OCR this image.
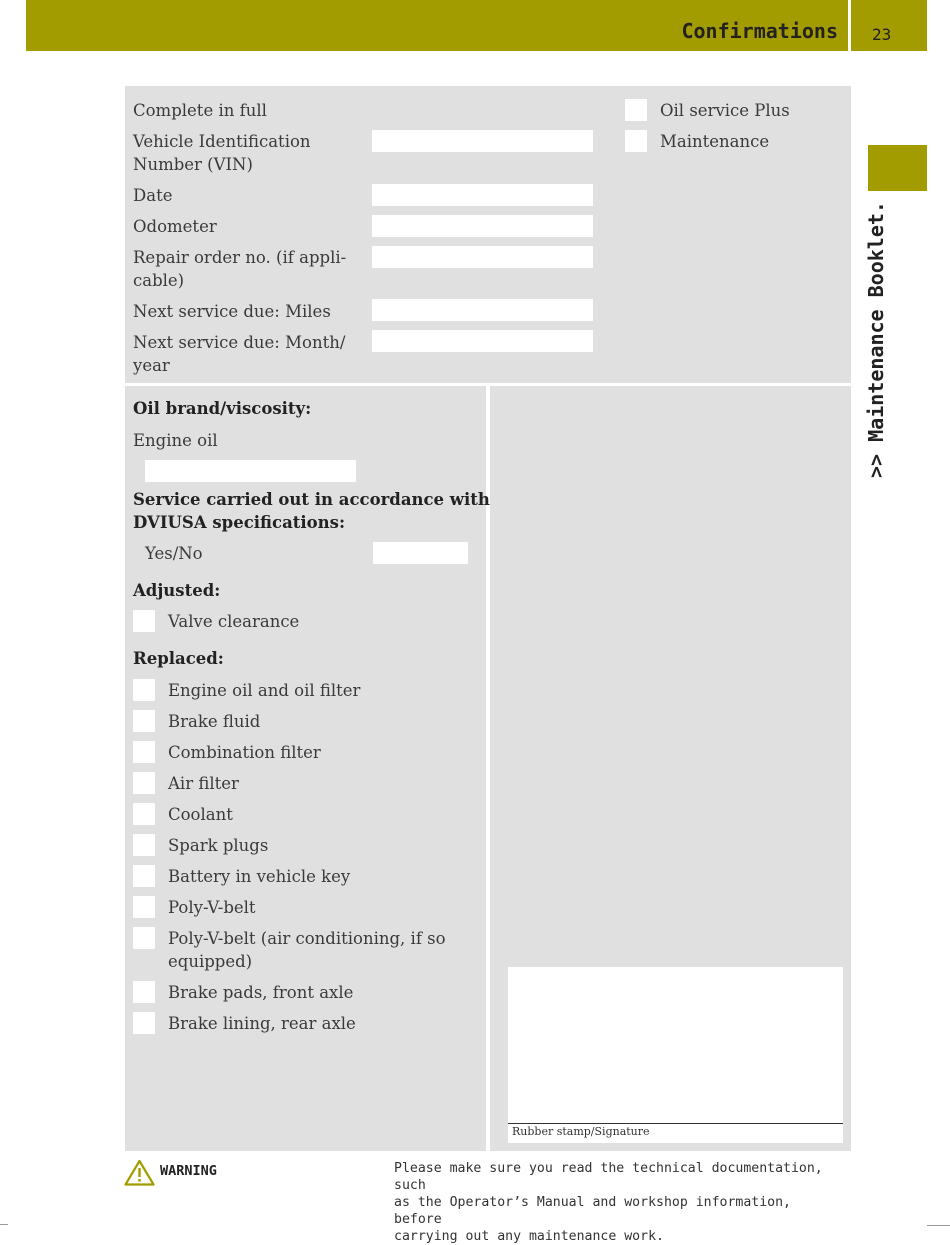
Confirmations 23
>> Maintenance Booklet.
Complete in full
Vehicle Identification
Number (VIN)
Date
Odometer
Repair order no. (if appli-
cable)
Next service due: Miles
Next service due: Month/
year
Oil service Plus
Maintenance
Oil brand/viscosity:
Engine oil
Service carried out in accordance with
DVIUSA specifications:
Yes/No
Adjusted:
Valve clearance
Replaced:
Engine oil and oil filter
Brake fluid
Combination filter
Air filter
Coolant
Spark plugs
Battery in vehicle key
Poly-V-belt
Poly-V-belt (air conditioning, if so
equipped)
Brake pads, front axle
Brake lining, rear axle
Rubber stamp/Signature
WARNING	Please make sure you read the technical documentation, such
as the Operator’s Manual and workshop information, before
carrying out any maintenance work.
